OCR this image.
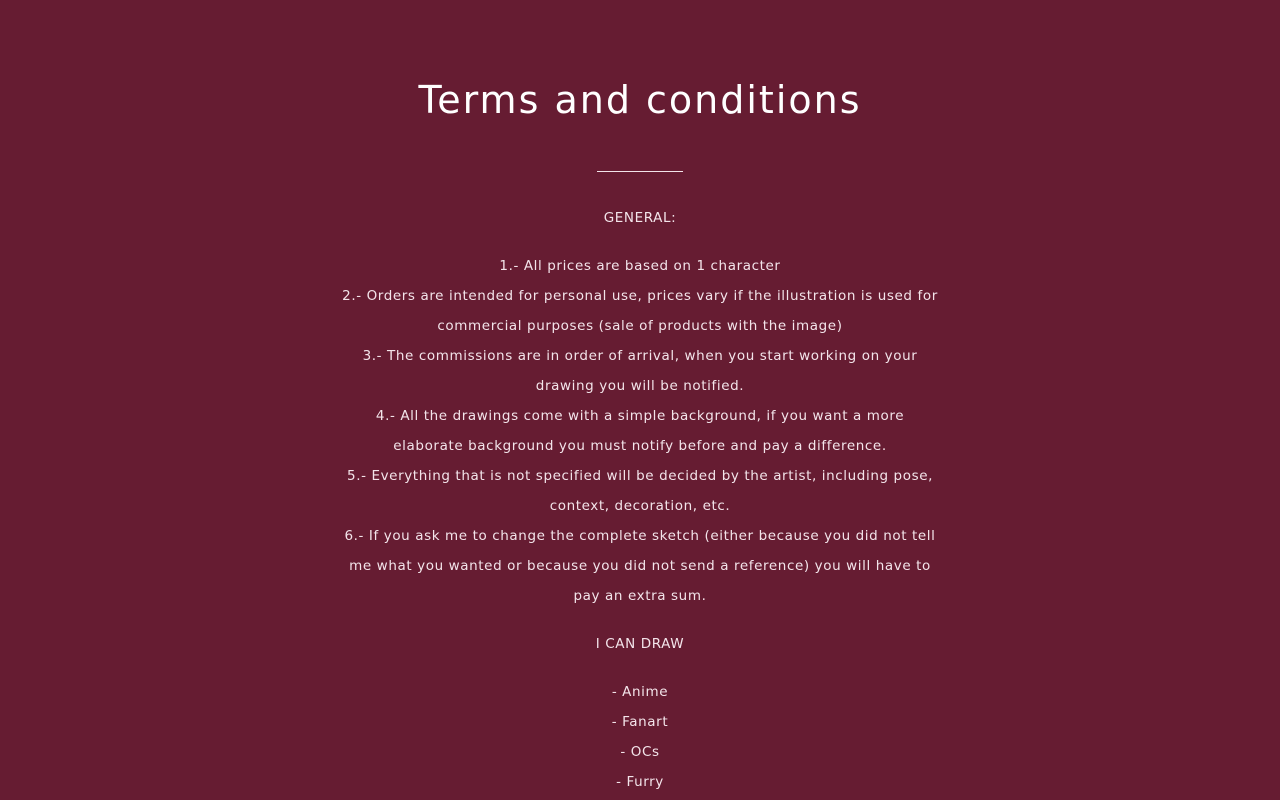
Terms and conditions

GENERAL:

1.- All prices are based on 1 character

2.- Orders are intended for personal use, prices vary if the illustration is used for commercial purposes (sale of products with the image)

3.- The commissions are in order of arrival, when you start working on your drawing you will be notified.

4.- All the drawings come with a simple background, if you want a more elaborate background you must notify before and pay a difference.

5.- Everything that is not specified will be decided by the artist, including pose, context, decoration, etc.

6.- If you ask me to change the complete sketch (either because you did not tell me what you wanted or because you did not send a reference) you will have to pay an extra sum.

I CAN DRAW

- Anime

- Fanart

- OCs

- Furry
